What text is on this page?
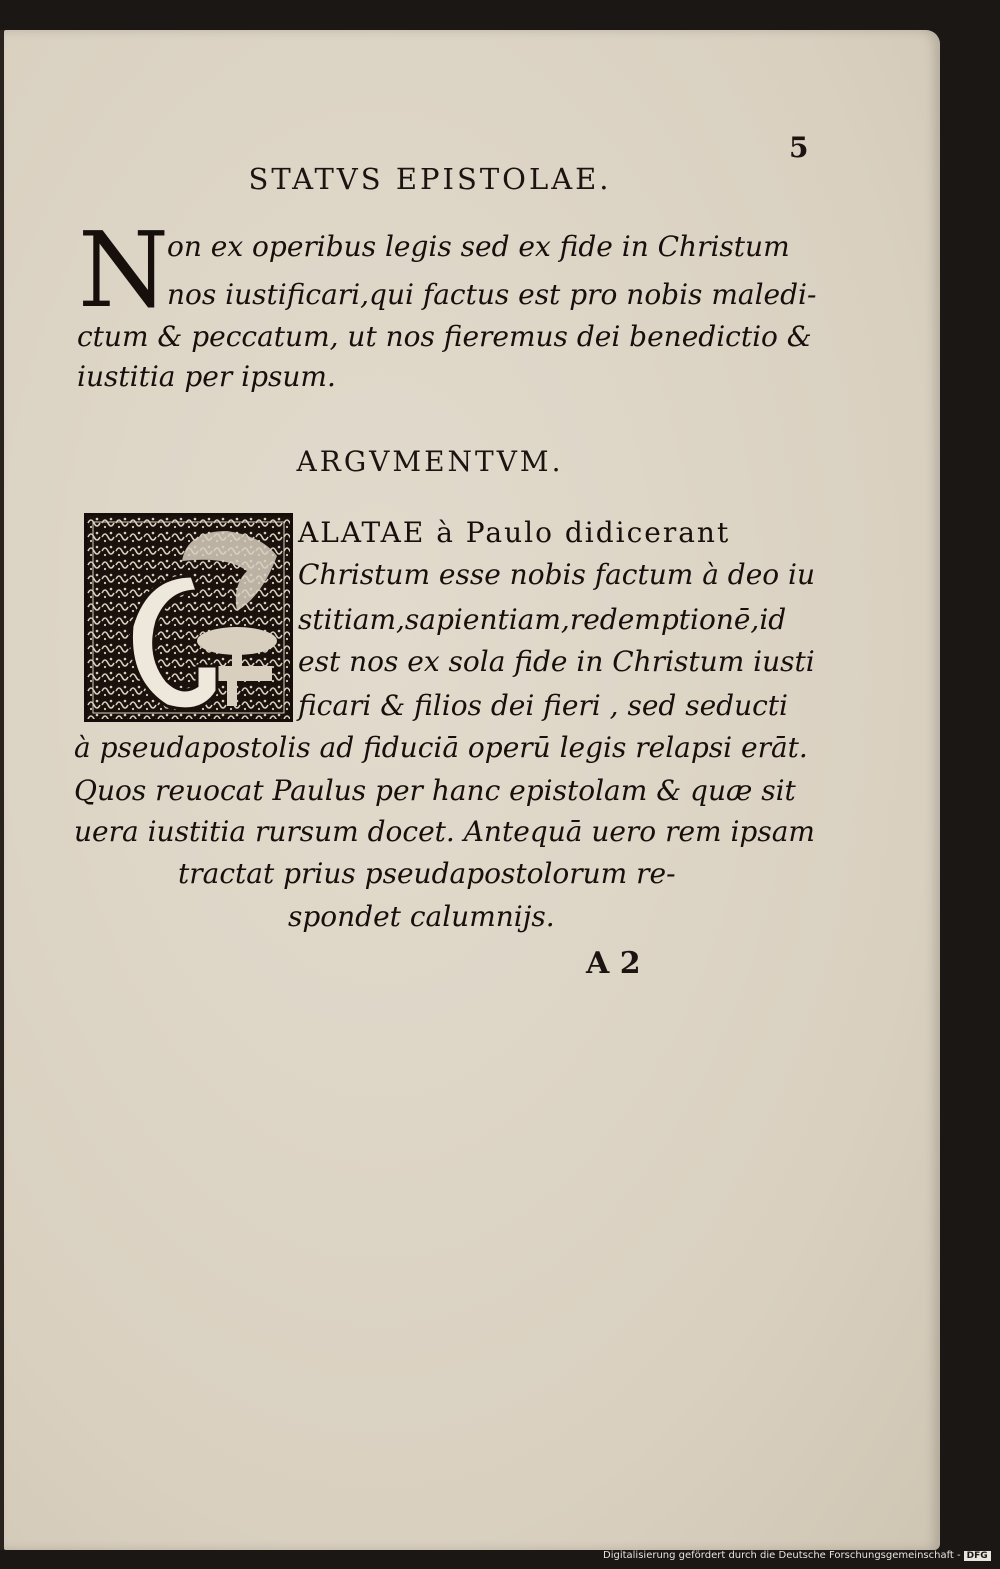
5
STATVS EPISTOLAE.
N
on ex operibus legis sed ex fide in Christum
nos iustificari,qui factus est pro nobis maledi-
ctum & peccatum, ut nos fieremus dei benedictio &
iustitia per ipsum.
ARGVMENTVM.
ALATAE à Paulo didicerant
Christum esse nobis factum à deo iu
stitiam,sapientiam,redemptionē,id
est nos ex sola fide in Christum iusti
ficari & filios dei fieri , sed seducti
à pseudapostolis ad fiduciā operū legis relapsi erāt.
Quos reuocat Paulus per hanc epistolam & quæ sit
uera iustitia rursum docet. Antequā uero rem ipsam
tractat prius pseudapostolorum re-
spondet calumnijs.
A 2
Digitalisierung gefördert durch die Deutsche Forschungsgemeinschaft - DFG
